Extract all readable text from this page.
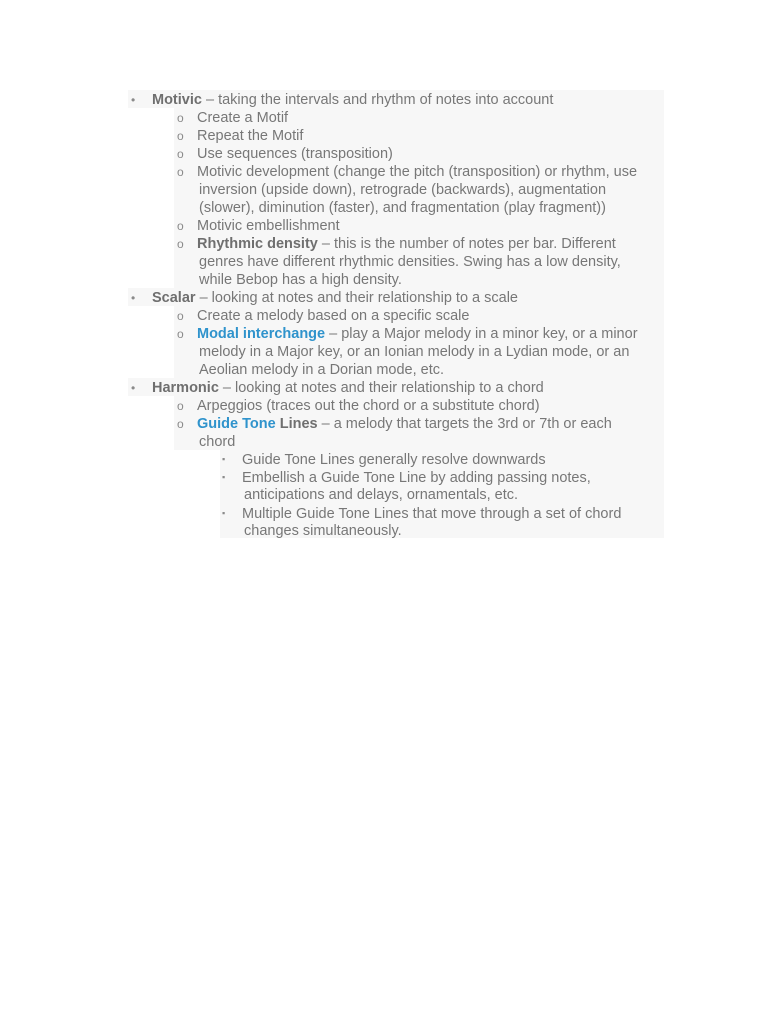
• Motivic – taking the intervals and rhythm of notes into account
o Create a Motif
o Repeat the Motif
o Use sequences (transposition)
o Motivic development (change the pitch (transposition) or rhythm, use
inversion (upside down), retrograde (backwards), augmentation
(slower), diminution (faster), and fragmentation (play fragment))
o Motivic embellishment
o Rhythmic density – this is the number of notes per bar. Different
genres have different rhythmic densities. Swing has a low density,
while Bebop has a high density.
• Scalar – looking at notes and their relationship to a scale
o Create a melody based on a specific scale
o Modal interchange – play a Major melody in a minor key, or a minor
melody in a Major key, or an Ionian melody in a Lydian mode, or an
Aeolian melody in a Dorian mode, etc.
• Harmonic – looking at notes and their relationship to a chord
o Arpeggios (traces out the chord or a substitute chord)
o Guide Tone Lines – a melody that targets the 3rd or 7th or each
chord
▪ Guide Tone Lines generally resolve downwards
▪ Embellish a Guide Tone Line by adding passing notes,
anticipations and delays, ornamentals, etc.
▪ Multiple Guide Tone Lines that move through a set of chord
changes simultaneously.
